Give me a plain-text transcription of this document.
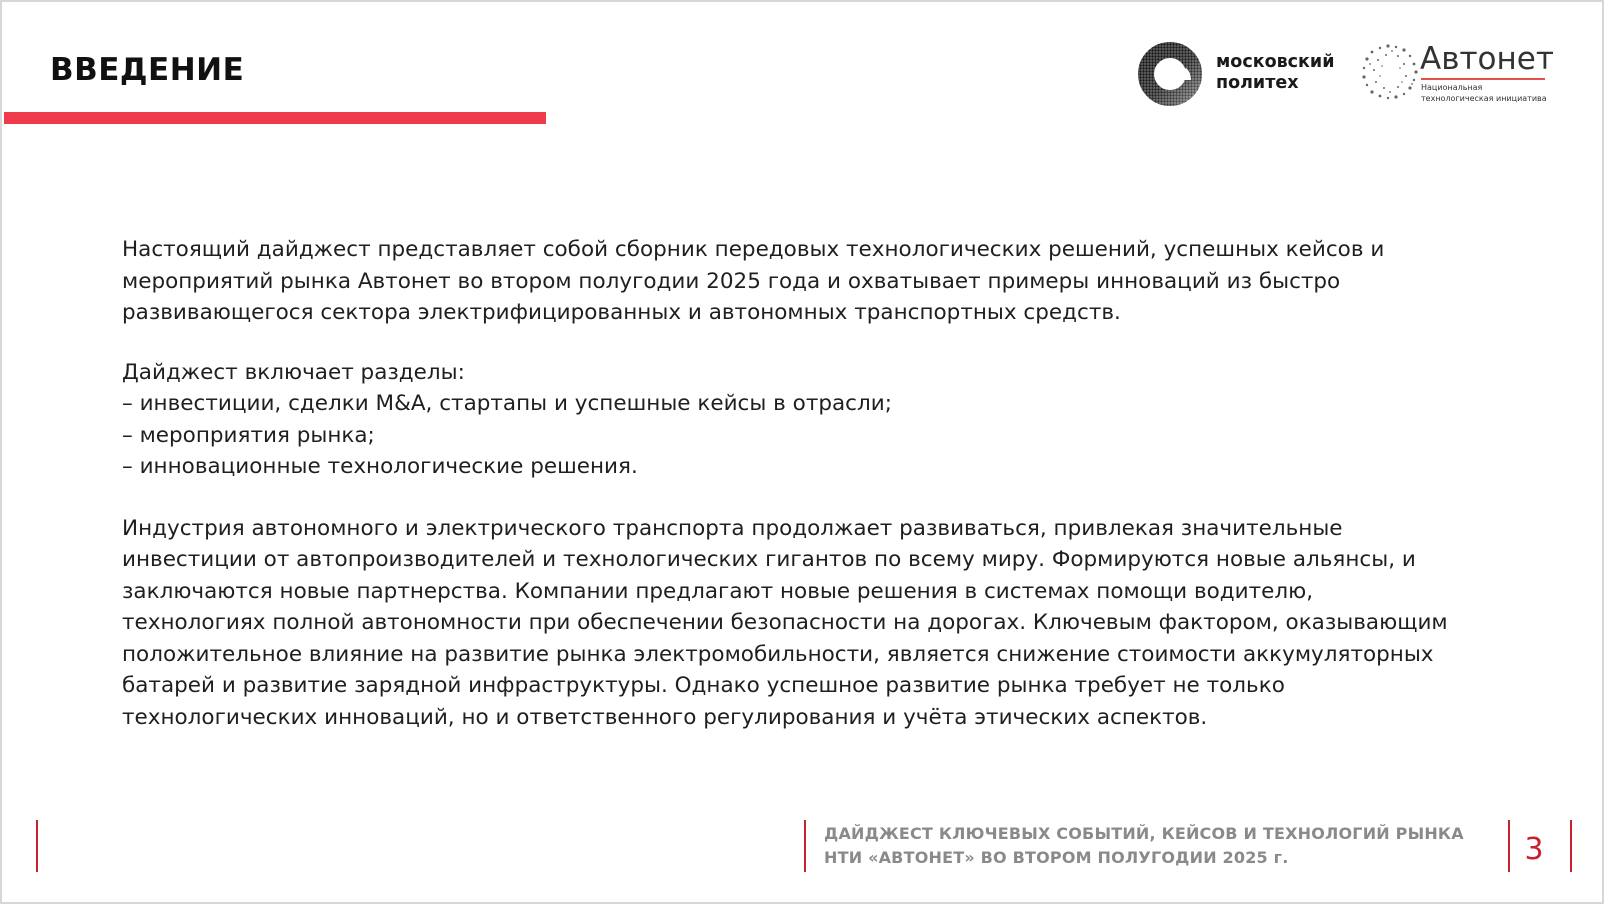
ВВЕДЕНИЕ	московский
политех
Автонет
Национальная технологическая инициатива

Настоящий дайджест представляет собой сборник передовых технологических решений, успешных кейсов и мероприятий рынка Автонет во втором полугодии 2025 года и охватывает примеры инноваций из быстро развивающегося сектора электрифицированных и автономных транспортных средств.

Дайджест включает разделы:
– инвестиции, сделки M&A, стартапы и успешные кейсы в отрасли;
– мероприятия рынка;
– инновационные технологические решения.

Индустрия автономного и электрического транспорта продолжает развиваться, привлекая значительные инвестиции от автопроизводителей и технологических гигантов по всему миру. Формируются новые альянсы, и заключаются новые партнерства. Компании предлагают новые решения в системах помощи водителю, технологиях полной автономности при обеспечении безопасности на дорогах. Ключевым фактором, оказывающим положительное влияние на развитие рынка электромобильности, является снижение стоимости аккумуляторных батарей и развитие зарядной инфраструктуры. Однако успешное развитие рынка требует не только технологических инноваций, но и ответственного регулирования и учёта этических аспектов.

ДАЙДЖЕСТ КЛЮЧЕВЫХ СОБЫТИЙ, КЕЙСОВ И ТЕХНОЛОГИЙ РЫНКА
НТИ «АВТОНЕТ» ВО ВТОРОМ ПОЛУГОДИИ 2025 г.	3
